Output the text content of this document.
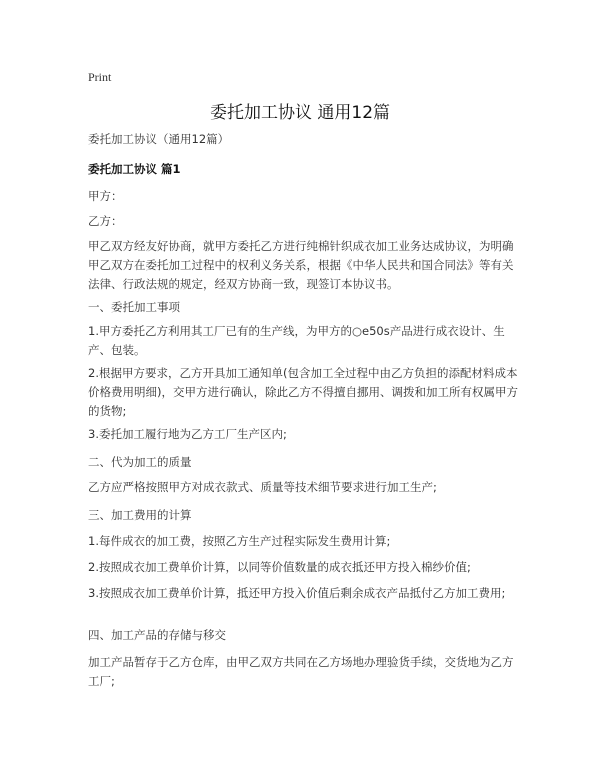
Print
委托加工协议 通用12篇

委托加工协议（通用12篇）

委托加工协议 篇1

甲方：

乙方：

甲乙双方经友好协商，就甲方委托乙方进行纯棉针织成衣加工业务达成协议，为明确甲乙双方在委托加工过程中的权利义务关系，根据《中华人民共和国合同法》等有关法律、行政法规的规定，经双方协商一致，现签订本协议书。

一、委托加工事项

1.甲方委托乙方利用其工厂已有的生产线，为甲方的○e50s产品进行成衣设计、生产、包装。

2.根据甲方要求，乙方开具加工通知单(包含加工全过程中由乙方负担的添配材料成本价格费用明细)，交甲方进行确认，除此乙方不得擅自挪用、调拨和加工所有权属甲方的货物;

3.委托加工履行地为乙方工厂生产区内;

二、代为加工的质量

乙方应严格按照甲方对成衣款式、质量等技术细节要求进行加工生产;

三、加工费用的计算

1.每件成衣的加工费，按照乙方生产过程实际发生费用计算;

2.按照成衣加工费单价计算，以同等价值数量的成衣抵还甲方投入棉纱价值;

3.按照成衣加工费单价计算，抵还甲方投入价值后剩余成衣产品抵付乙方加工费用;

四、加工产品的存储与移交

加工产品暂存于乙方仓库，由甲乙双方共同在乙方场地办理验货手续，交货地为乙方工厂;
